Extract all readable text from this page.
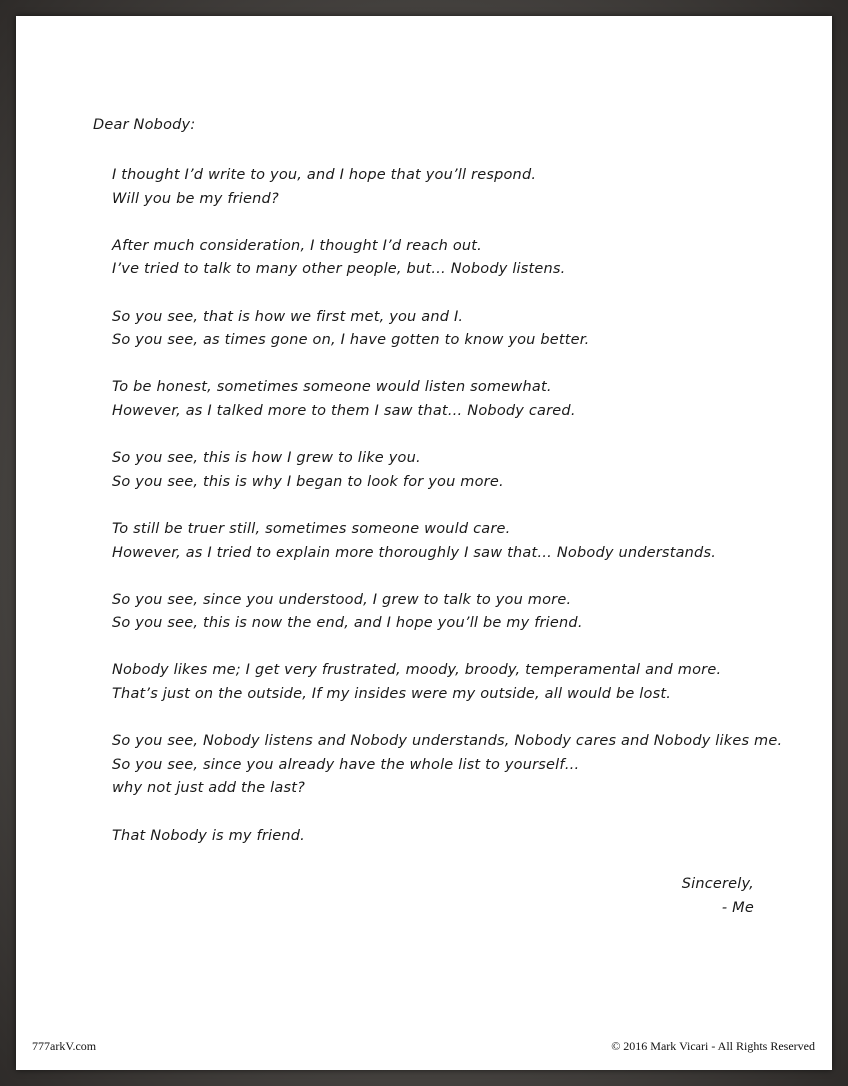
Dear Nobody:
I thought I’d write to you, and I hope that you’ll respond.
Will you be my friend?
After much consideration, I thought I’d reach out.
I’ve tried to talk to many other people, but… Nobody listens.
So you see, that is how we first met, you and I.
So you see, as times gone on, I have gotten to know you better.
To be honest, sometimes someone would listen somewhat.
However, as I talked more to them I saw that… Nobody cared.
So you see, this is how I grew to like you.
So you see, this is why I began to look for you more.
To still be truer still, sometimes someone would care.
However, as I tried to explain more thoroughly I saw that… Nobody understands.
So you see, since you understood, I grew to talk to you more.
So you see, this is now the end, and I hope you’ll be my friend.
Nobody likes me; I get very frustrated, moody, broody, temperamental and more.
That’s just on the outside, If my insides were my outside, all would be lost.
So you see, Nobody listens and Nobody understands, Nobody cares and Nobody likes me.
So you see, since you already have the whole list to yourself…
why not just add the last?
That Nobody is my friend.
Sincerely,
- Me
777arkV.com	© 2016 Mark Vicari - All Rights Reserved
